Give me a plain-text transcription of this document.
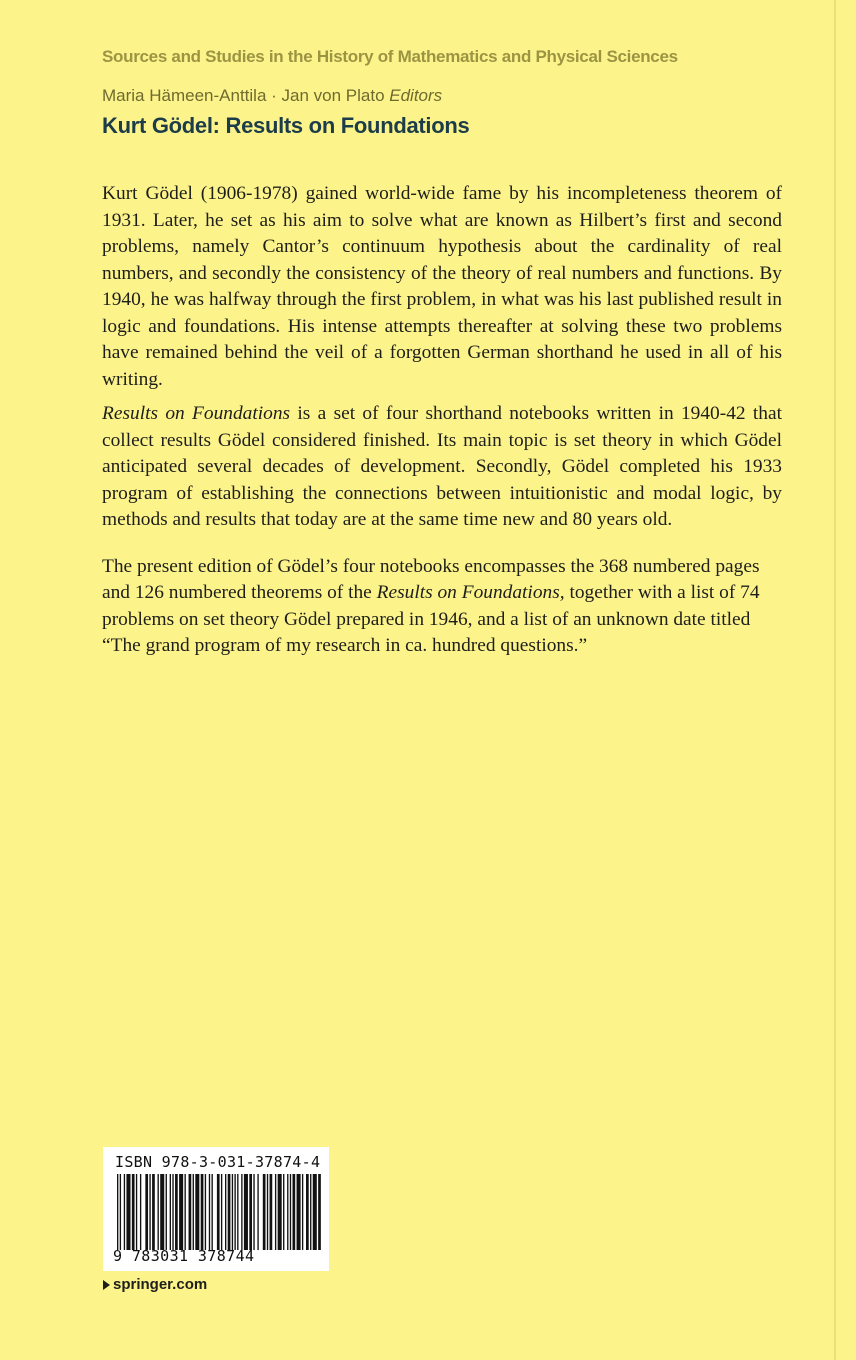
Sources and Studies in the History of Mathematics and Physical Sciences
Maria Hämeen-Anttila · Jan von Plato Editors
Kurt Gödel: Results on Foundations

Kurt Gödel (1906-1978) gained world-wide fame by his incompleteness theorem of 1931. Later, he set as his aim to solve what are known as Hilbert’s first and second problems, namely Cantor’s continuum hypothesis about the cardinality of real numbers, and secondly the consistency of the theory of real numbers and functions. By 1940, he was halfway through the first problem, in what was his last published result in logic and foundations. His intense attempts thereafter at solving these two problems have remained behind the veil of a forgotten German shorthand he used in all of his writing.

Results on Foundations is a set of four shorthand notebooks written in 1940-42 that collect results Gödel considered finished. Its main topic is set theory in which Gödel anticipated several decades of development. Secondly, Gödel completed his 1933 program of establishing the connections between intuitionistic and modal logic, by methods and results that today are at the same time new and 80 years old.

The present edition of Gödel’s four notebooks encompasses the 368 numbered pages and 126 numbered theorems of the Results on Foundations, together with a list of 74 problems on set theory Gödel prepared in 1946, and a list of an unknown date titled “The grand program of my research in ca. hundred questions.”

ISBN 978-3-031-37874-4
9 783031 378744
springer.com
